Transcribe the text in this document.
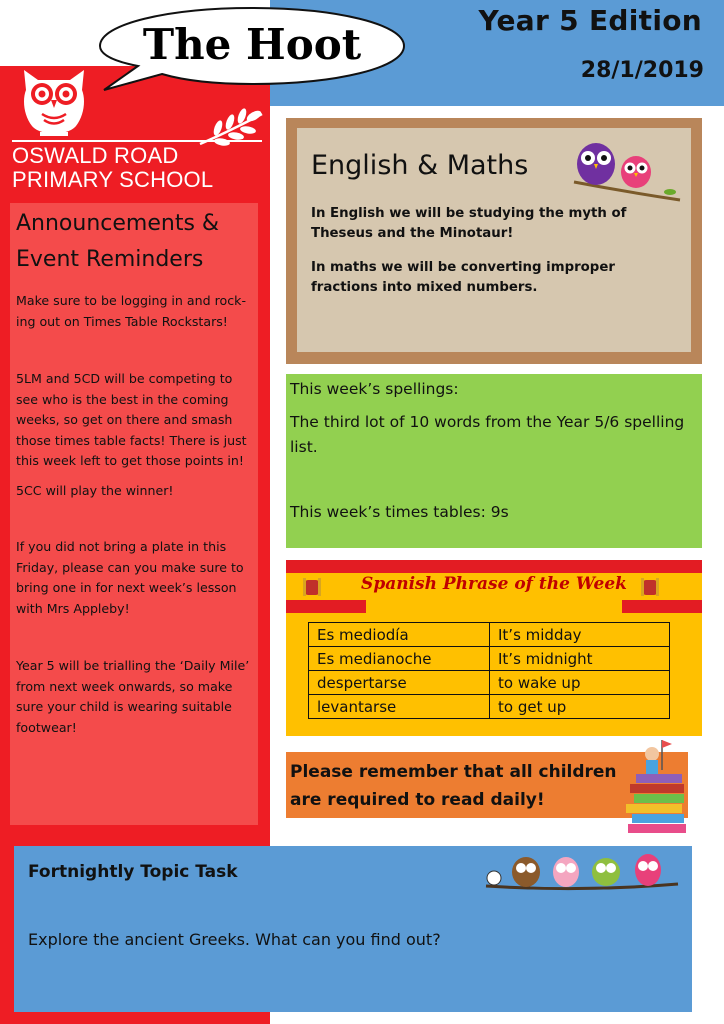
Year 5 Edition
28/1/2019
The Hoot
OSWALD ROAD
PRIMARY SCHOOL
Announcements & Event Reminders
Make sure to be logging in and rock-ing out on Times Table Rockstars!
5LM and 5CD will be competing to see who is the best in the coming weeks, so get on there and smash those times table facts! There is just this week left to get those points in!
5CC will play the winner!
If you did not bring a plate in this Friday, please can you make sure to bring one in for next week’s lesson with Mrs Appleby!
Year 5 will be trialling the ‘Daily Mile’ from next week onwards, so make sure your child is wearing suitable footwear!
English & Maths
In English we will be studying the myth of Theseus and the Minotaur!
In maths we will be converting improper fractions into mixed numbers.
This week’s spellings:
The third lot of 10 words from the Year 5/6 spelling list.
This week’s times tables: 9s
Spanish Phrase of the Week
Es mediodía	It’s midday
Es medianoche	It’s midnight
despertarse	to wake up
levantarse	to get up
Please remember that all children are required to read daily!
Fortnightly Topic Task
Explore the ancient Greeks. What can you find out?
